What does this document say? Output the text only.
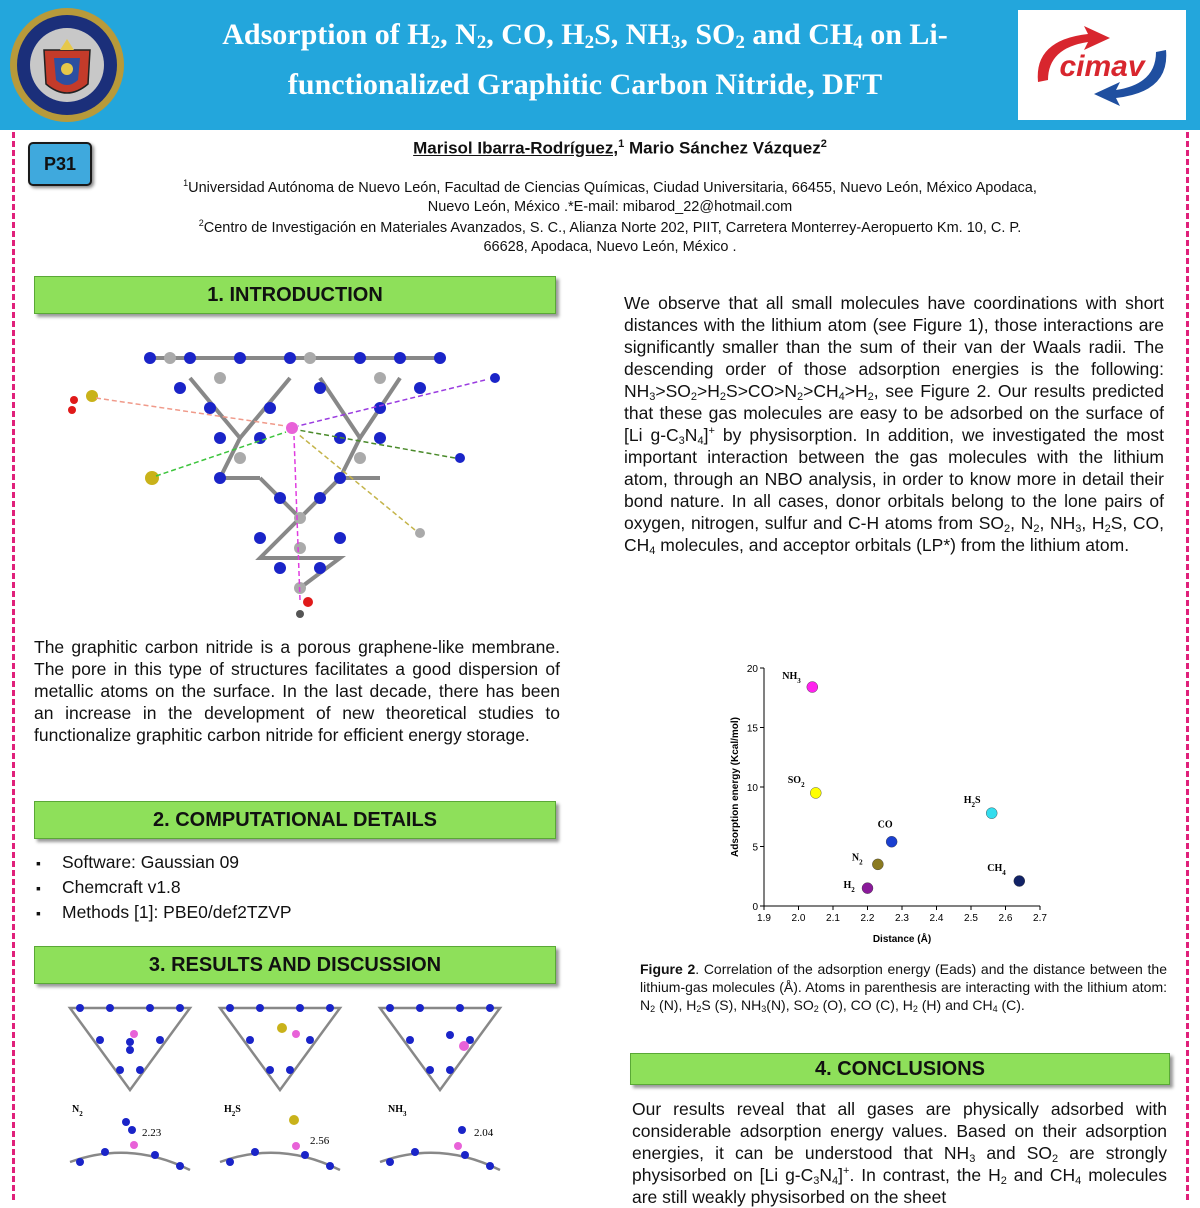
Adsorption of $H_2$, $N_2$, CO, $H_2S$, $NH_3$, $SO_2$ and $CH_4$ on Li-functionalized Graphitic Carbon Nitride, DFT
cimav
P31
Marisol Ibarra-Rodríguez,$^1$ Mario Sánchez Vázquez$^2$
$^1$Universidad Autónoma de Nuevo León, Facultad de Ciencias Químicas, Ciudad Universitaria, 66455, Nuevo León, México Apodaca,
Nuevo León, México .*E-mail: mibarod_22@hotmail.com
$^2$Centro de Investigación en Materiales Avanzados, S. C., Alianza Norte 202, PIIT, Carretera Monterrey-Aeropuerto Km. 10, C. P.
66628, Apodaca, Nuevo León, México .
1. INTRODUCTION
The graphitic carbon nitride is a porous graphene-like membrane. The pore in this type of structures facilitates a good dispersion of metallic atoms on the surface. In the last decade, there has been an increase in the development of new theoretical studies to functionalize graphitic carbon nitride for efficient energy storage.
2. COMPUTATIONAL DETAILS
▪ Software: Gaussian 09
▪ Chemcraft v1.8
▪ Methods [1]: PBE0/def2TZVP
3. RESULTS AND DISCUSSION
$N_2$	$H_2S$	$NH_3$
2.23
2.56
2.04
We observe that all small molecules have coordinations with short distances with the lithium atom (see Figure 1), those interactions are significantly smaller than the sum of their van der Waals radii. The descending order of those adsorption energies is the following: $NH_3>SO_2>H_2S>CO>N_2>CH_4>H_2$, see Figure 2. Our results predicted that these gas molecules are easy to be adsorbed on the surface of [Li $g-C_3N_4]^+$ by physisorption. In addition, we investigated the most important interaction between the gas molecules with the lithium atom, through an NBO analysis, in order to know more in detail their bond nature. In all cases, donor orbitals belong to the lone pairs of oxygen, nitrogen, sulfur and C-H atoms from $SO_2$, $N_2$, $NH_3$, $H_2S$, CO, $CH_4$ molecules, and acceptor orbitals (LP*) from the lithium atom.
1.9 2.0 2.1 2.2 2.3 2.4 2.5 2.6 2.7
0
5
10
15
20
Distance (Å)
Adsorption energy (Kcal/mol)
$NH_3$
$SO_2$
$H_2S$
CO
$N_2$
$CH_4$
$H_2$
Figure 2. Correlation of the adsorption energy (Eads) and the distance between the lithium-gas molecules (Å). Atoms in parenthesis are interacting with the lithium atom: $N_2$ (N), $H_2S$ (S), $NH_3(N)$, $SO_2$ (O), CO (C), $H_2$ (H) and $CH_4$ (C).
4. CONCLUSIONS
Our results reveal that all gases are physically adsorbed with considerable adsorption energy values. Based on their adsorption energies, it can be understood that $NH_3$ and $SO_2$ are strongly physisorbed on [Li $g-C_3N_4]^+$. In contrast, the $H_2$ and $CH_4$ molecules are still weakly physisorbed on the sheet
